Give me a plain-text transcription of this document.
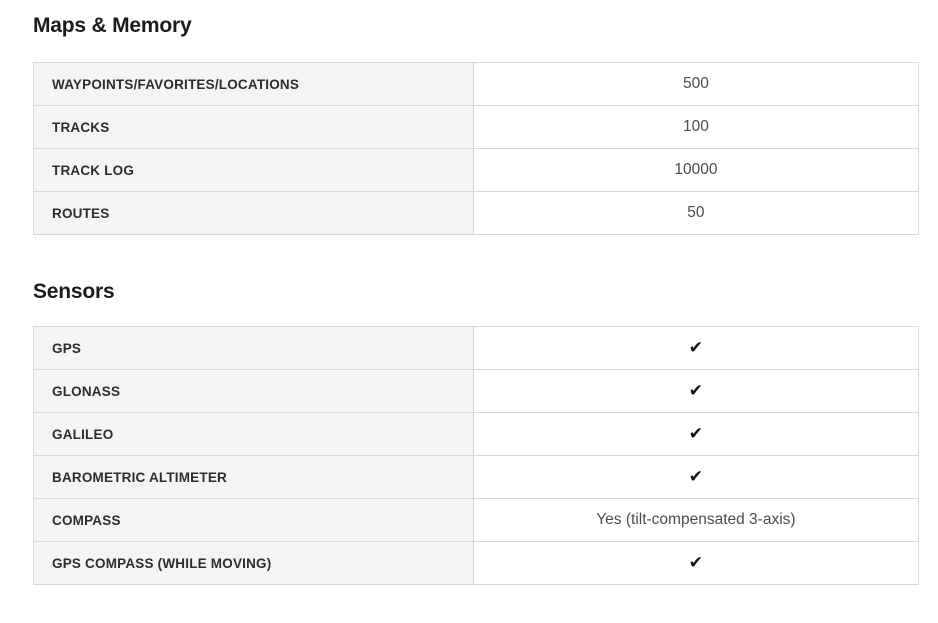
Maps & Memory
WAYPOINTS/FAVORITES/LOCATIONS	500
TRACKS	100
TRACK LOG	10000
ROUTES	50
Sensors
GPS	✔
GLONASS	✔
GALILEO	✔
BAROMETRIC ALTIMETER	✔
COMPASS	Yes (tilt-compensated 3-axis)
GPS COMPASS (WHILE MOVING)	✔
